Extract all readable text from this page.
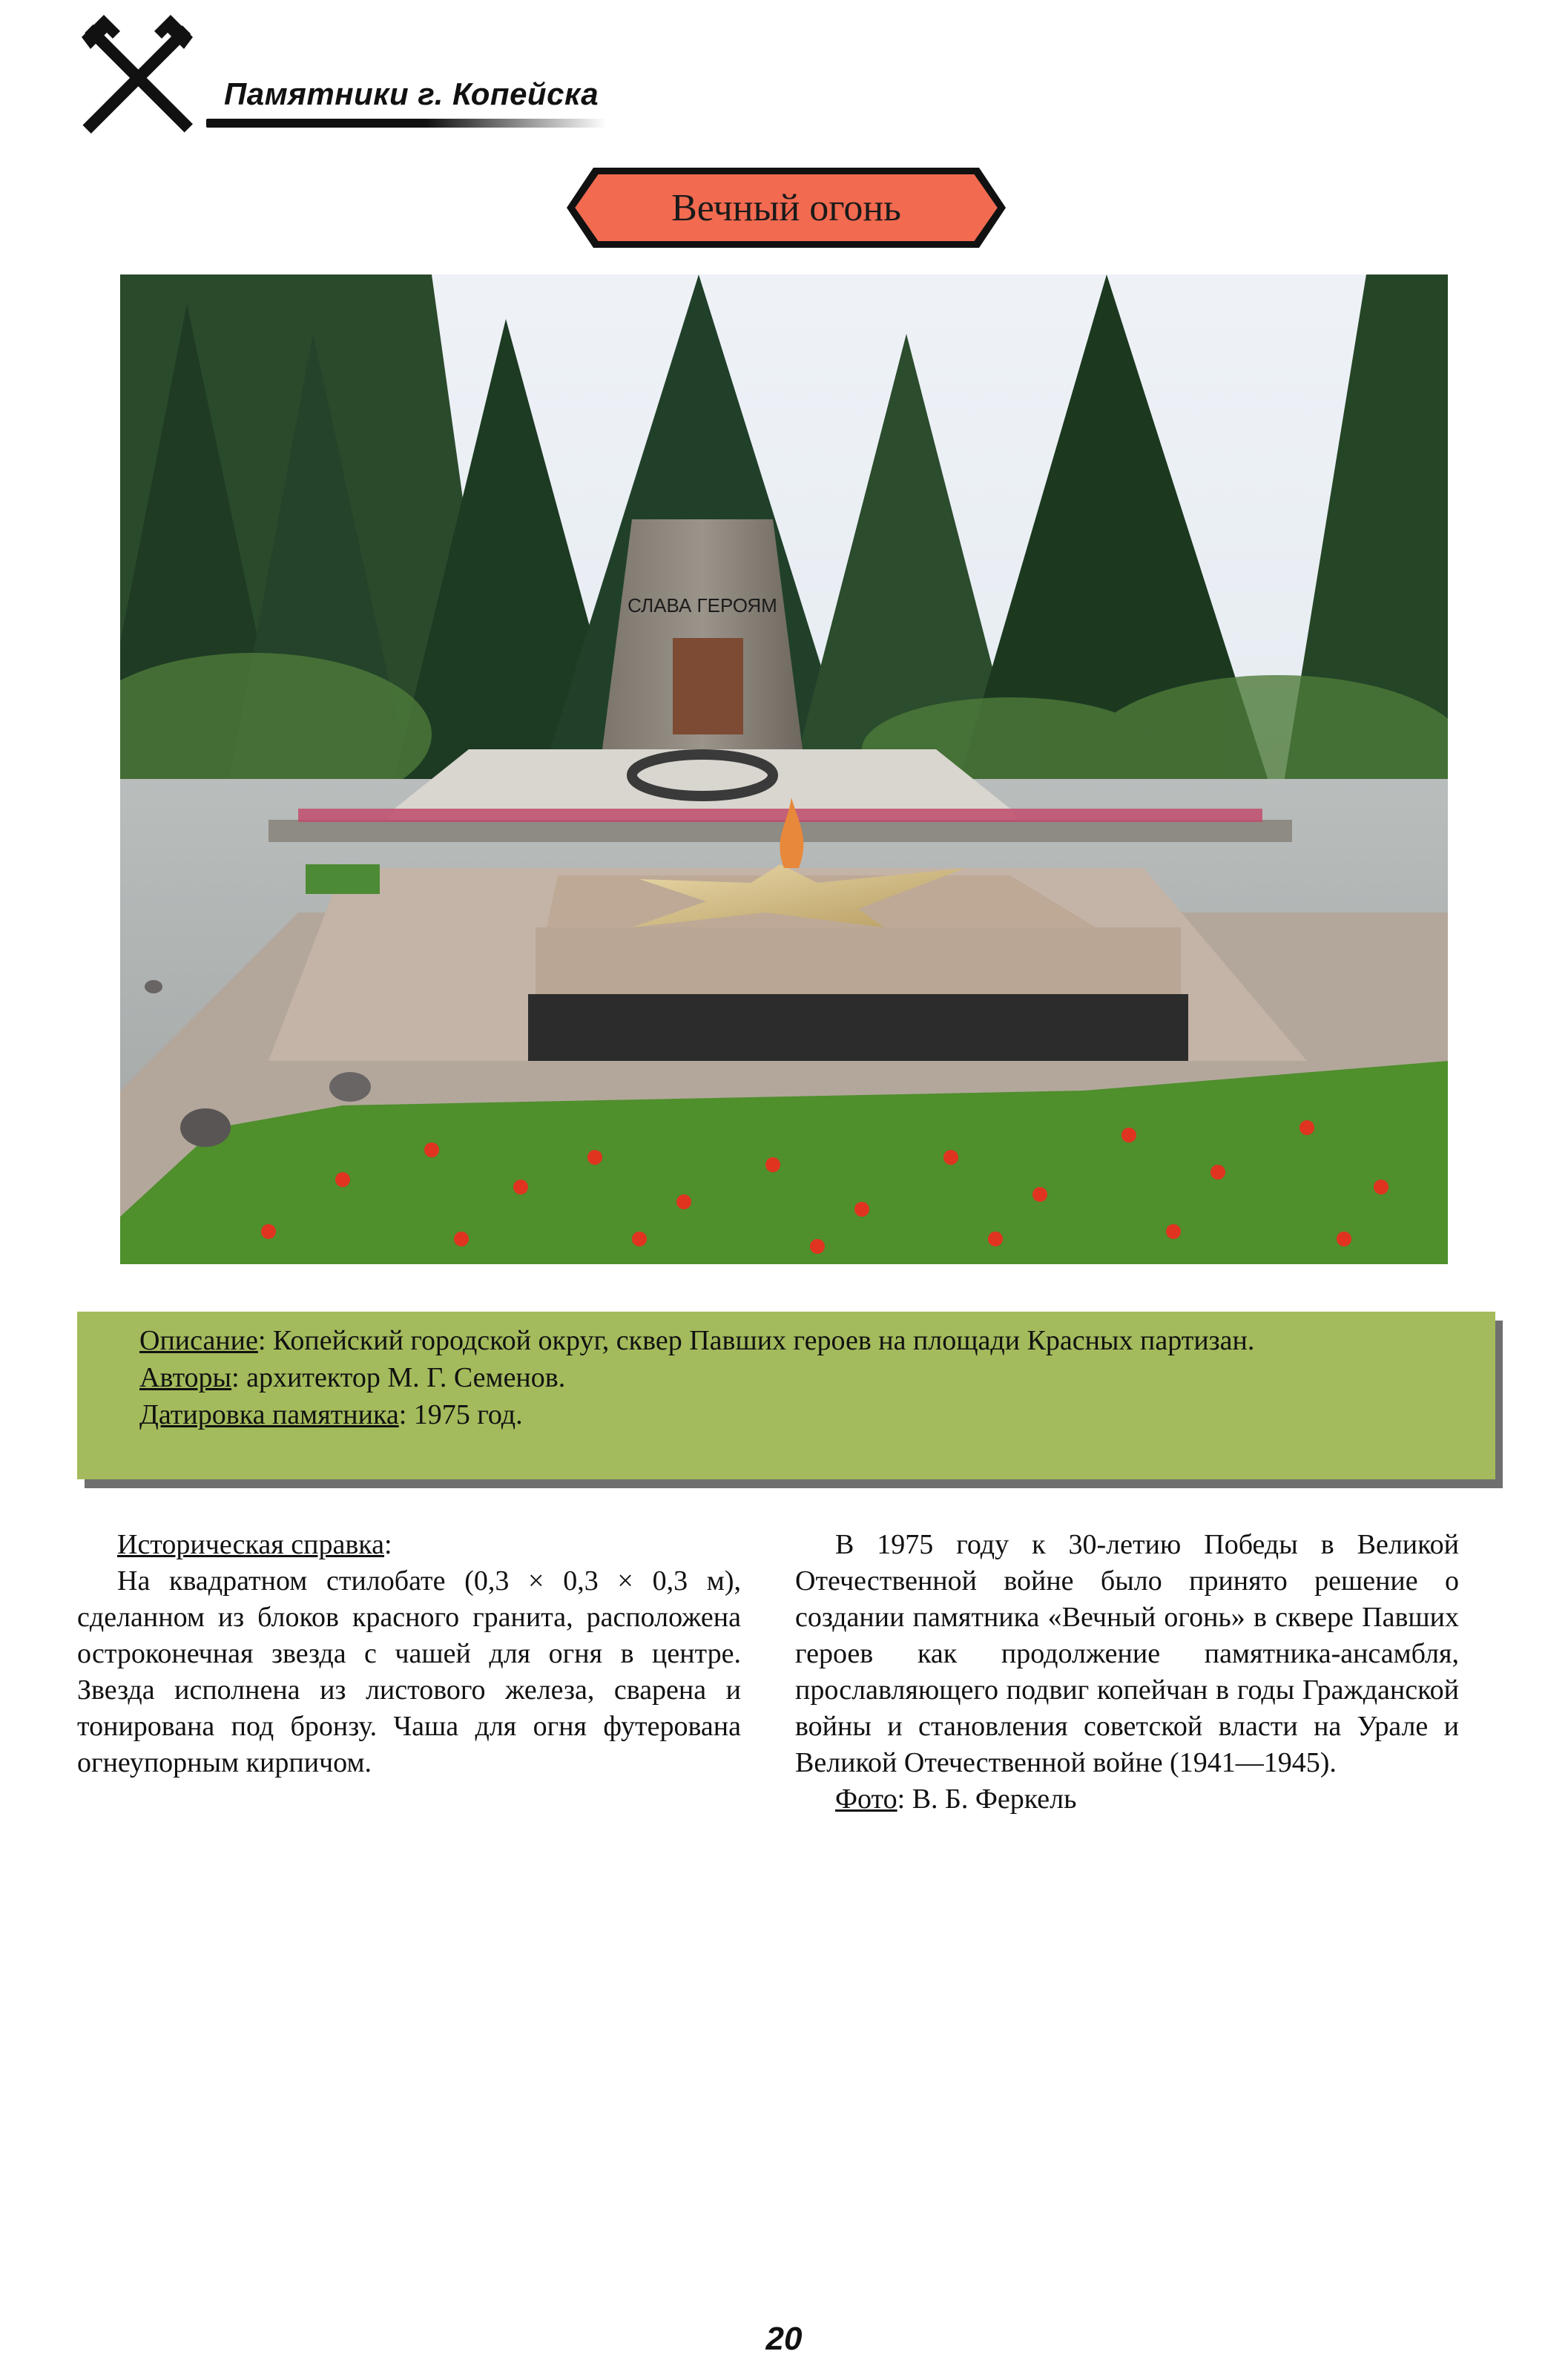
Памятники г. Копейска
Вечный огонь
СЛАВА ГЕРОЯМ

Описание: Копейский городской округ, сквер Павших героев на площади Красных партизан.

Авторы: архитектор М. Г. Семенов.

Датировка памятника: 1975 год.

Историческая справка:

На квадратном стилобате (0,3 × 0,3 × 0,3 м), сделанном из блоков красного гранита, расположена остроконечная звезда с чашей для огня в центре. Звезда исполнена из листового железа, сварена и тонирована под бронзу. Чаша для огня футерована огнеупорным кирпичом.

В 1975 году к 30-летию Победы в Великой Отечественной войне было принято решение о создании памятника «Вечный огонь» в сквере Павших героев как продолжение памятника-ансамбля, прославляющего подвиг копейчан в годы Гражданской войны и становления советской власти на Урале и Великой Отечественной войне (1941—1945).

Фото: В. Б. Феркель

20
